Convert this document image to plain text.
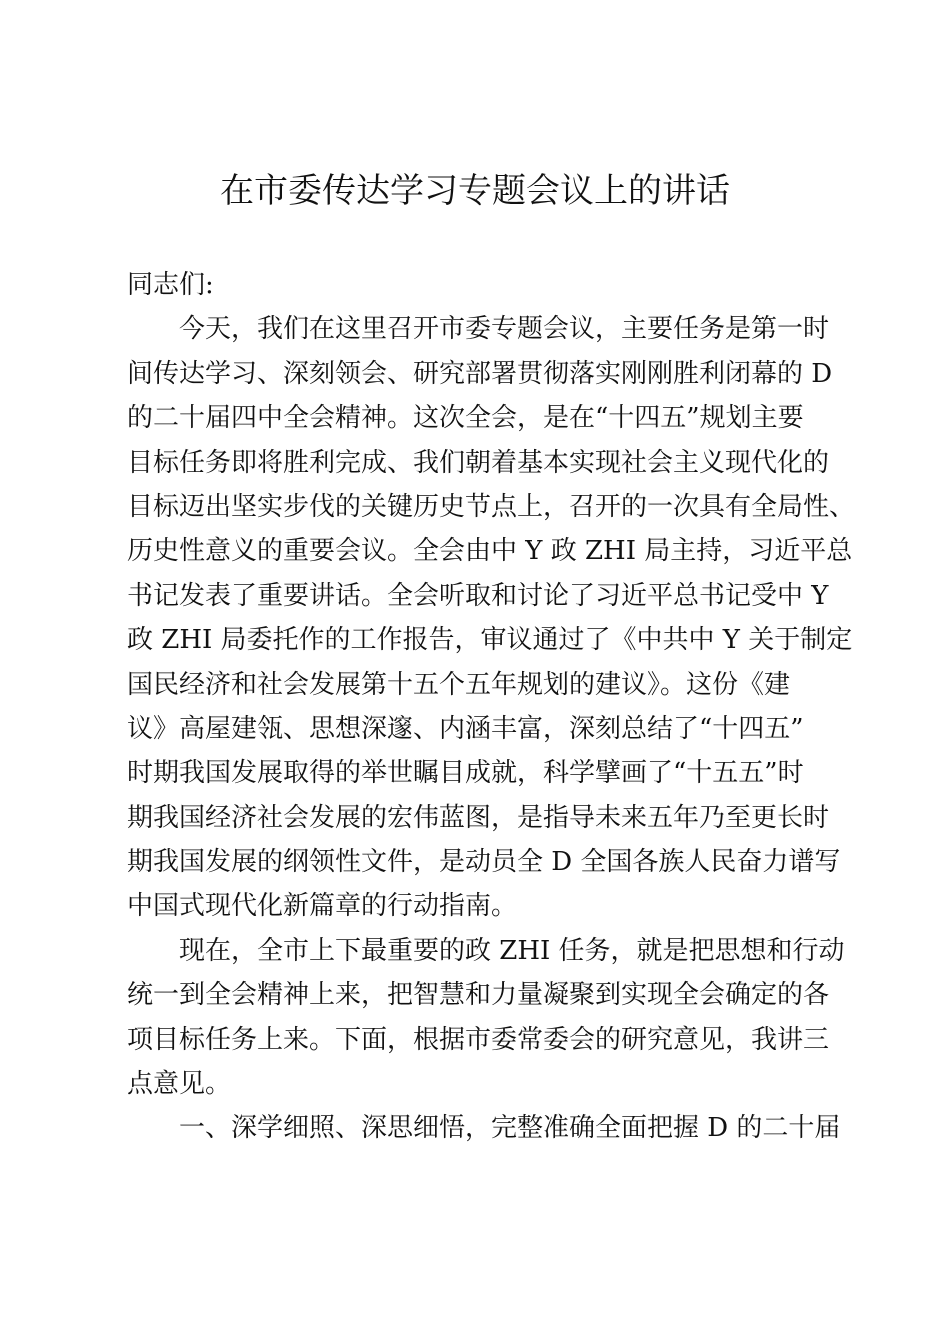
在市委传达学习专题会议上的讲话
同志们:
今天，我们在这里召开市委专题会议，主要任务是第一时
间传达学习、深刻领会、研究部署贯彻落实刚刚胜利闭幕的 D
的二十届四中全会精神。这次全会，是在“十四五”规划主要
目标任务即将胜利完成、我们朝着基本实现社会主义现代化的
目标迈出坚实步伐的关键历史节点上，召开的一次具有全局性、
历史性意义的重要会议。全会由中 Y 政 ZHI 局主持，习近平总
书记发表了重要讲话。全会听取和讨论了习近平总书记受中 Y
政 ZHI 局委托作的工作报告，审议通过了《中共中 Y 关于制定
国民经济和社会发展第十五个五年规划的建议》。这份《建
议》高屋建瓴、思想深邃、内涵丰富，深刻总结了“十四五”
时期我国发展取得的举世瞩目成就，科学擘画了“十五五”时
期我国经济社会发展的宏伟蓝图，是指导未来五年乃至更长时
期我国发展的纲领性文件，是动员全 D 全国各族人民奋力谱写
中国式现代化新篇章的行动指南。
现在，全市上下最重要的政 ZHI 任务，就是把思想和行动
统一到全会精神上来，把智慧和力量凝聚到实现全会确定的各
项目标任务上来。下面，根据市委常委会的研究意见，我讲三
点意见。
一、深学细照、深思细悟，完整准确全面把握 D 的二十届
